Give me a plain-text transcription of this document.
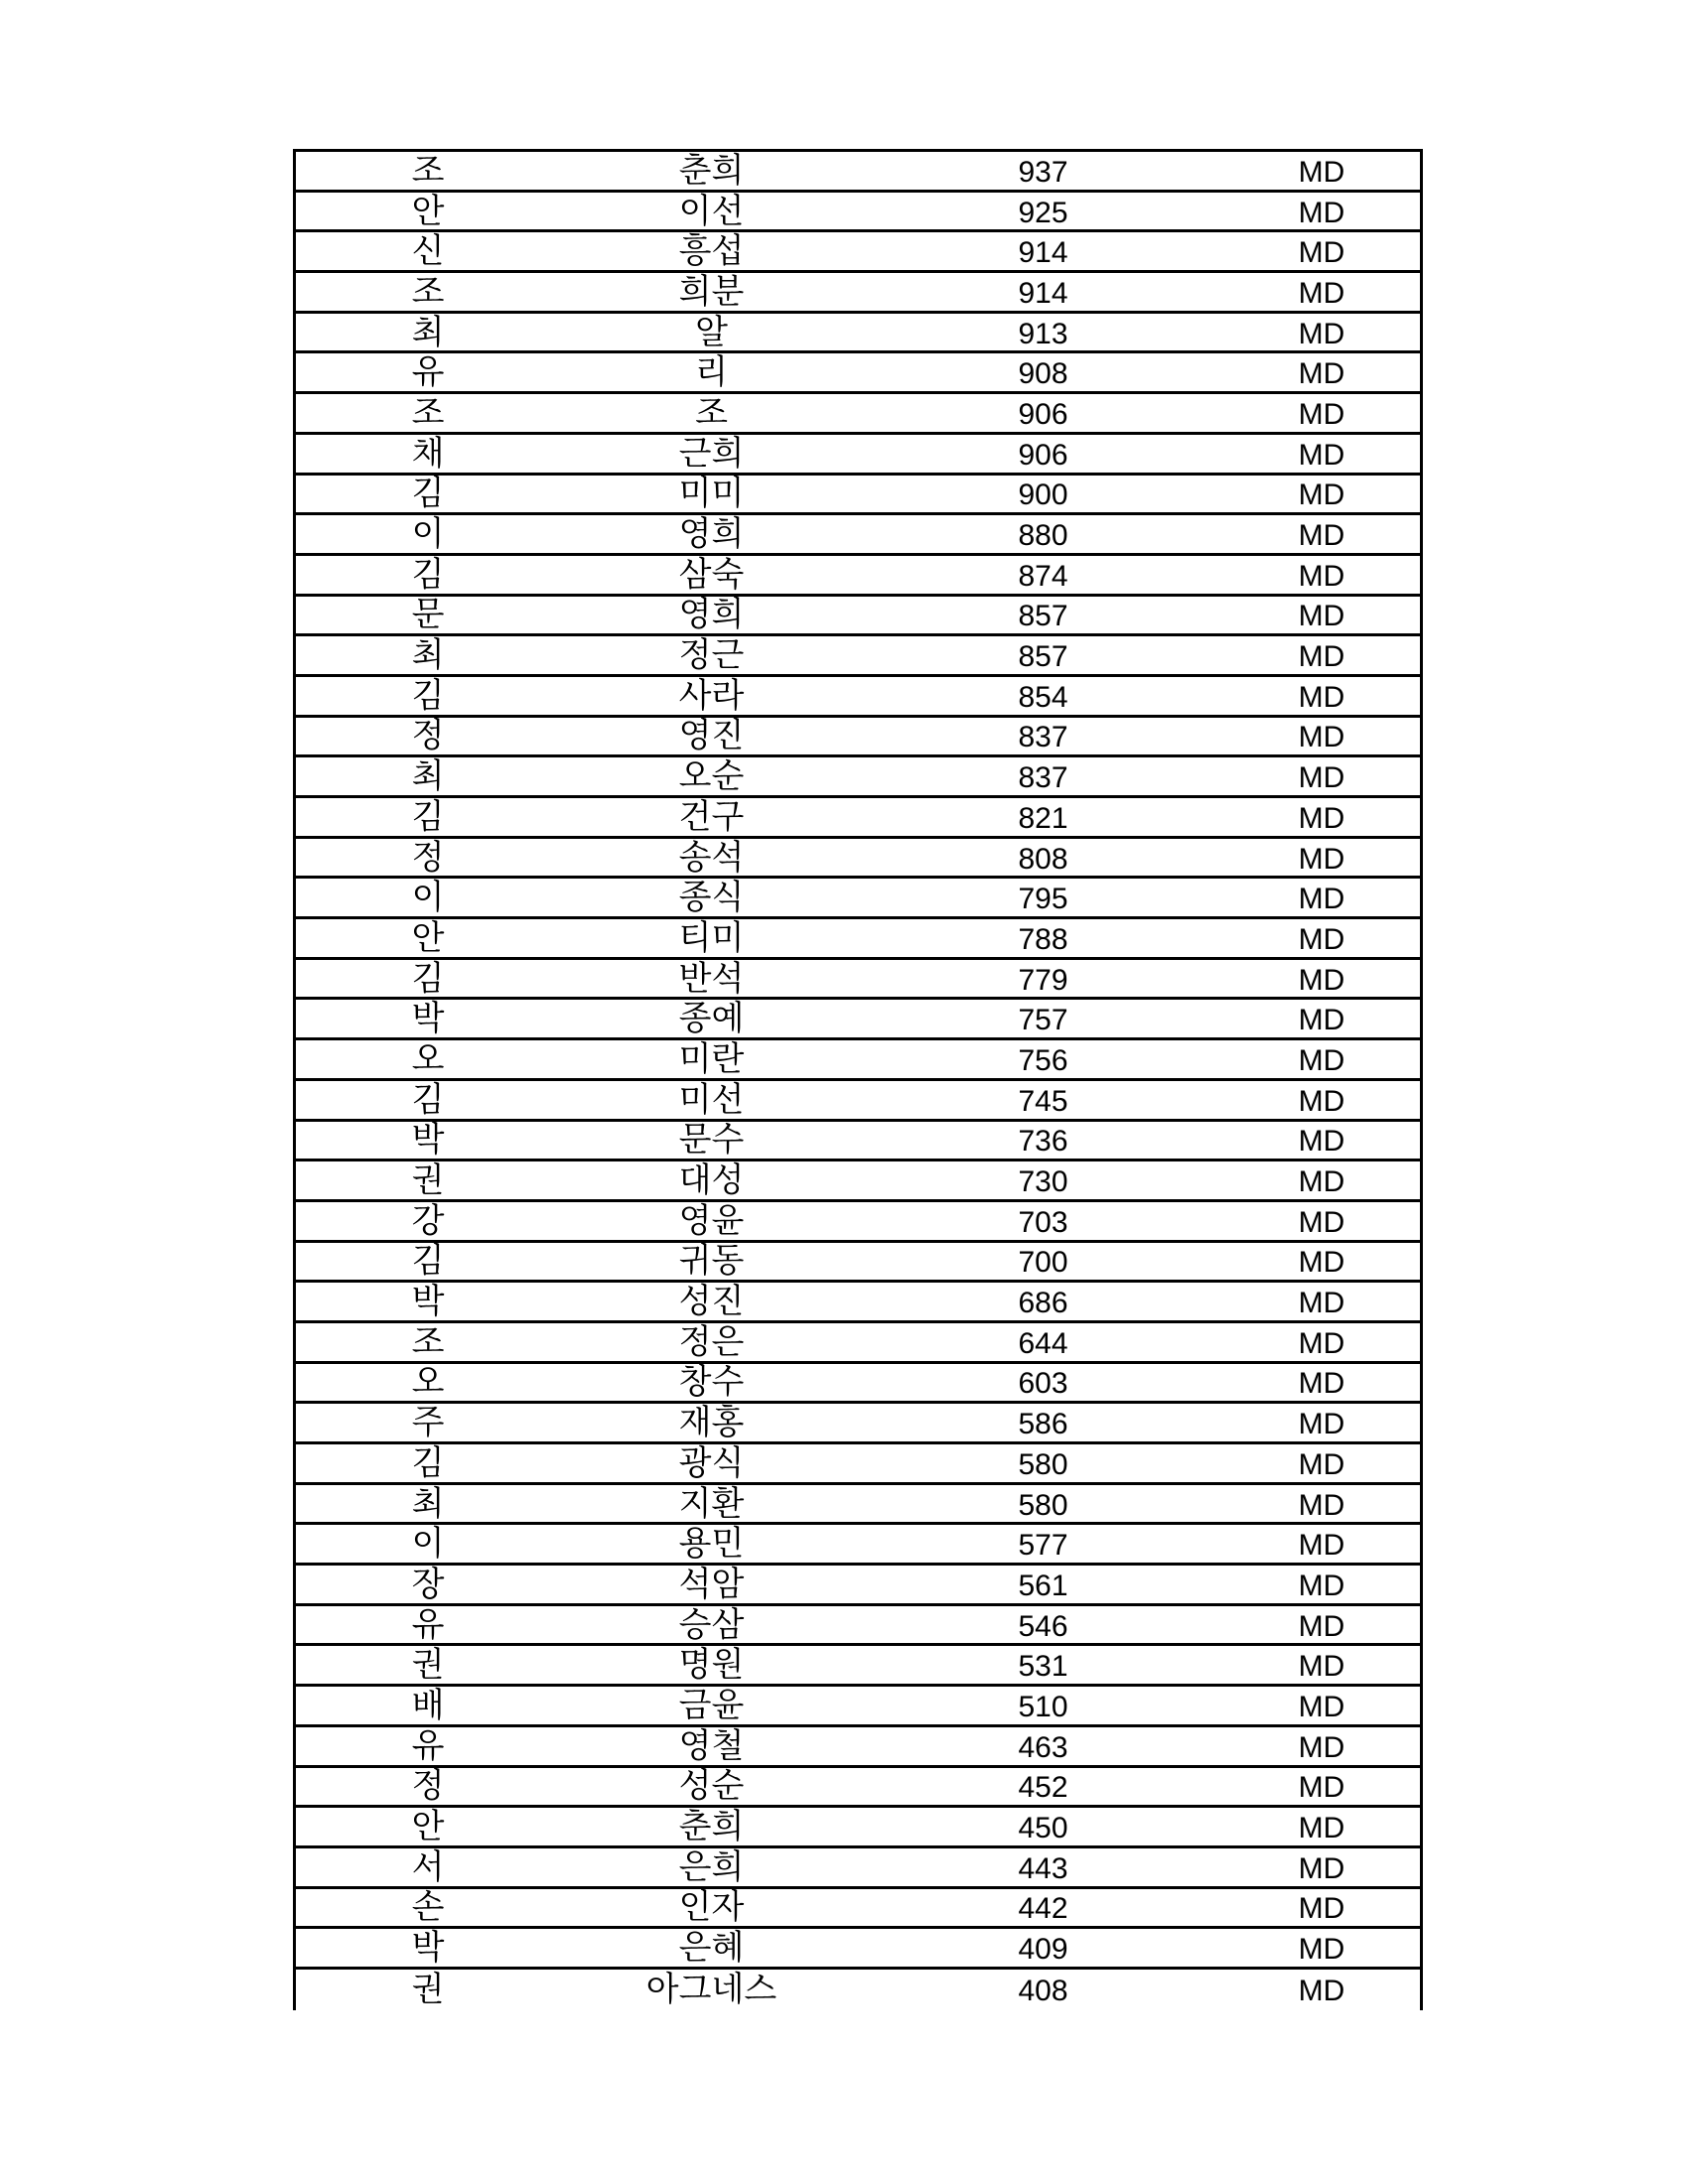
조	춘희	937	MD
안	이선	925	MD
신	흥섭	914	MD
조	희분	914	MD
최	알	913	MD
유	리	908	MD
조	조	906	MD
채	근희	906	MD
김	미미	900	MD
이	영희	880	MD
김	삼숙	874	MD
문	영희	857	MD
최	정근	857	MD
김	사라	854	MD
정	영진	837	MD
최	오순	837	MD
김	건구	821	MD
정	송석	808	MD
이	종식	795	MD
안	티미	788	MD
김	반석	779	MD
박	종예	757	MD
오	미란	756	MD
김	미선	745	MD
박	문수	736	MD
권	대성	730	MD
강	영윤	703	MD
김	귀동	700	MD
박	성진	686	MD
조	정은	644	MD
오	창수	603	MD
주	재홍	586	MD
김	광식	580	MD
최	지환	580	MD
이	용민	577	MD
장	석암	561	MD
유	승삼	546	MD
권	명원	531	MD
배	금윤	510	MD
유	영철	463	MD
정	성순	452	MD
안	춘희	450	MD
서	은희	443	MD
손	인자	442	MD
박	은혜	409	MD
권	아그네스	408	MD
